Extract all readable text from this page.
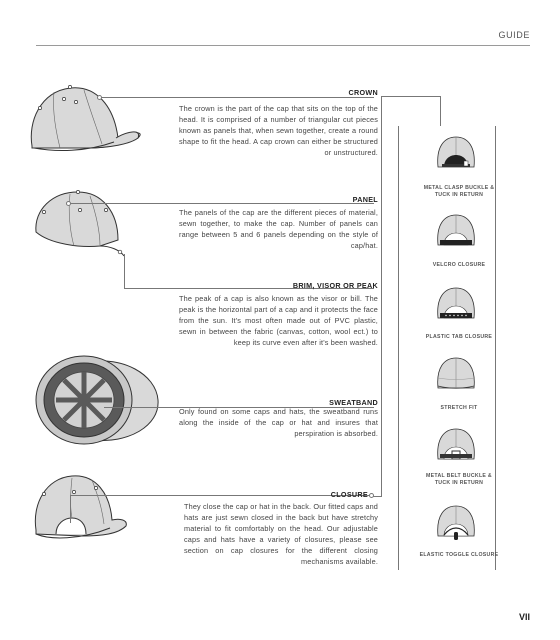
GUIDE
CROWN
The crown is the part of the cap that sits on the top of the head. It is comprised of a number of triangular cut pieces known as panels that, when sewn together, create a round shape to fit the head. A cap crown can either be structured or unstructured.
PANEL
The panels of the cap are the different pieces of material, sewn together, to make the cap. Number of panels can range between 5 and 6 panels depending on the style of cap/hat.
BRIM, VISOR OR PEAK
The peak of a cap is also known as the visor or bill. The peak is the horizontal part of a cap and it protects the face from the sun. It's most often made out of PVC plastic, sewn in between the fabric (canvas, cotton, wool ect.) to keep its curve even after it's been washed.
SWEATBAND
Only found on some caps and hats, the sweatband runs along the inside of the cap or hat and insures that perspiration is absorbed.
CLOSURE
They close the cap or hat in the back. Our fitted caps and hats are just sewn closed in the back but have stretchy material to fit comfortably on the head. Our adjustable caps and hats have a variety of closures, please see section on cap closures for the different closing mechanisms available.
METAL CLASP BUCKLE &
TUCK IN RETURN
VELCRO CLOSURE
PLASTIC TAB CLOSURE
STRETCH FIT
METAL BELT BUCKLE &
TUCK IN RETURN
ELASTIC TOGGLE CLOSURE
VII
